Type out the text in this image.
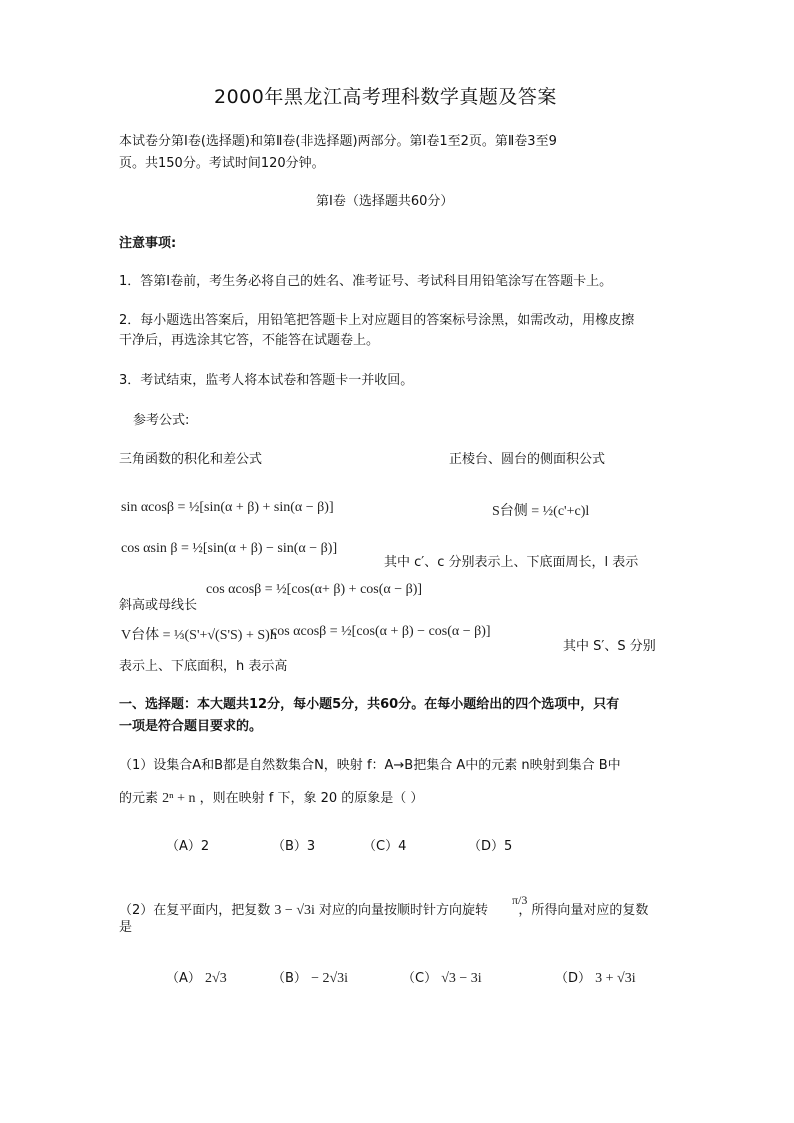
2000年黑龙江高考理科数学真题及答案
本试卷分第Ⅰ卷(选择题)和第Ⅱ卷(非选择题)两部分。第Ⅰ卷1至2页。第Ⅱ卷3至9
页。共150分。考试时间120分钟。
第Ⅰ卷（选择题共60分）
注意事项:
1．答第Ⅰ卷前，考生务必将自己的姓名、准考证号、考试科目用铅笔涂写在答题卡上。
2．每小题选出答案后，用铅笔把答题卡上对应题目的答案标号涂黑，如需改动，用橡皮擦
干净后，再选涂其它答，不能答在试题卷上。
3．考试结束，监考人将本试卷和答题卡一并收回。
参考公式:
三角函数的积化和差公式	正棱台、圆台的侧面积公式
sin αcosβ = ½[sin(α + β) + sin(α − β)]	S台侧 = ½(c'+c)l
cos αsin β = ½[sin(α + β) − sin(α − β)]
其中 c′、c 分别表示上、下底面周长，l 表示
cos αcosβ = ½[cos(α+ β) + cos(α − β)]
斜高或母线长
V台体 = ⅓(S'+√(S'S) + S)h
cos αcosβ = ½[cos(α + β) − cos(α − β)]
其中 S′、S 分别
表示上、下底面积，h 表示高
一、选择题：本大题共12分，每小题5分，共60分。在每小题给出的四个选项中，只有
一项是符合题目要求的。
（1）设集合A和B都是自然数集合N，映射 f：A→B把集合 A中的元素 n映射到集合 B中
的元素 2ⁿ + n ，则在映射 f 下，象 20 的原象是（ ）
（A）2	（B）3	（C）4	（D）5
π/3
（2）在复平面内，把复数 3 − √3i 对应的向量按顺时针方向旋转 ，所得向量对应的复数
是
（A） 2√3	（B） − 2√3i	（C） √3 − 3i	（D） 3 + √3i
